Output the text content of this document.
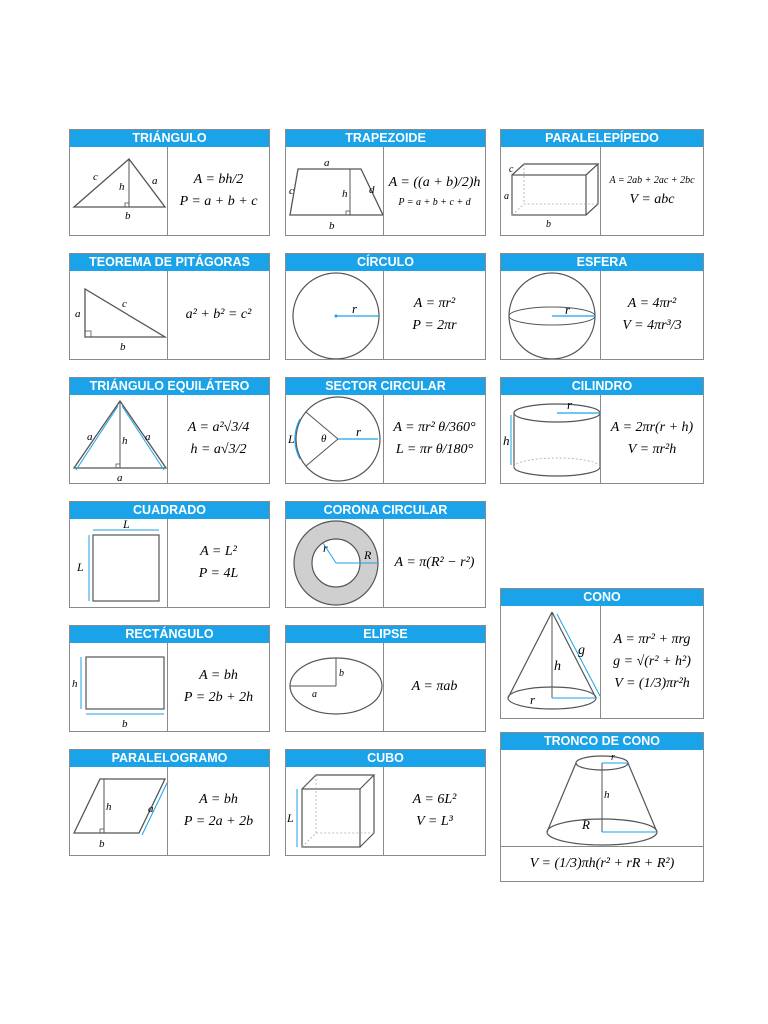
TRIÁNGULO
c	a
h
b
A = bh/2
P = a + b + c
TRAPEZOIDE
a
c	h d
b
A = ((a + b)/2)h
P = a + b + c + d
PARALELEPÍPEDO
c
a
b
A = 2ab + 2ac + 2bc
V = abc
TEOREMA DE PITÁGORAS
c
a
b
a² + b² = c²
CÍRCULO
r	A = πr²
P = 2πr
ESFERA
r	A = 4πr²
V = 4πr³/3
TRIÁNGULO EQUILÁTERO
a	a
h
a
A = a²√3/4
h = a√3/2
SECTOR CIRCULAR
L θ r A = πr² θ/360°
L = πr θ/180°
CILINDRO
r
h
A = 2πr(r + h)
V = πr²h
CUADRADO
L
L
A = L²
P = 4L
CORONA CIRCULAR
r	R A = π(R² − r²)
CONO
h
g
r
A = πr² + πrg
g = √(r² + h²)
V = (1/3)πr²h
RECTÁNGULO
h
b
A = bh
P = 2b + 2h
ELIPSE
a
b
A = πab
TRONCO DE CONO
r
h
R
V = (1/3)πh(r² + rR + R²)
PARALELOGRAMO
h	a
b
A = bh
P = 2a + 2b
CUBO
L
A = 6L²
V = L³
